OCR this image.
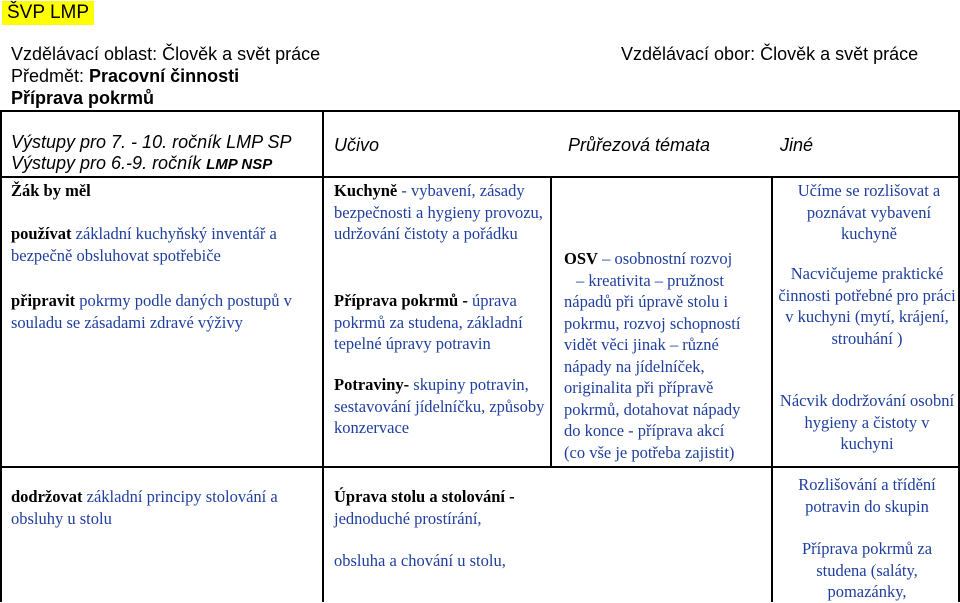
ŠVP LMP
Vzdělávací oblast: Člověk a svět práce
Předmět: Pracovní činnosti
Příprava pokrmů
Vzdělávací obor: Člověk a svět práce
Výstupy pro 7. - 10. ročník LMP SP
Výstupy pro 6.-9. ročník LMP NSP
Učivo	Průřezová témata	Jiné
Žák by měl
používat základní kuchyňský inventář a bezpečně obsluhovat spotřebiče
připravit pokrmy podle daných postupů v souladu se zásadami zdravé výživy
dodržovat základní principy stolování a obsluhy u stolu
Kuchyně - vybavení, zásady bezpečnosti a hygieny provozu, udržování čistoty a pořádku
Příprava pokrmů - úprava pokrmů za studena, základní tepelné úpravy potravin
Potraviny- skupiny potravin, sestavování jídelníčku, způsoby konzervace

Úprava stolu a stolování -

jednoduché prostírání,

obsluha a chování u stolu,

OSV – osobnostní rozvoj

– kreativita – pružnost

nápadů při úpravě stolu i

pokrmu, rozvoj schopností

vidět věci jinak – různé

nápady na jídelníček,

originalita při přípravě

pokrmů, dotahovat nápady

do konce - příprava akcí

(co vše je potřeba zajistit)

Učíme se rozlišovat a poznávat vybavení kuchyně
Nacvičujeme praktické činnosti potřebné pro práci v kuchyni (mytí, krájení, strouhání )
Nácvik dodržování osobní hygieny a čistoty v kuchyni
Rozlišování a třídění potravin do skupin
Příprava pokrmů za studena (saláty, pomazánky,
